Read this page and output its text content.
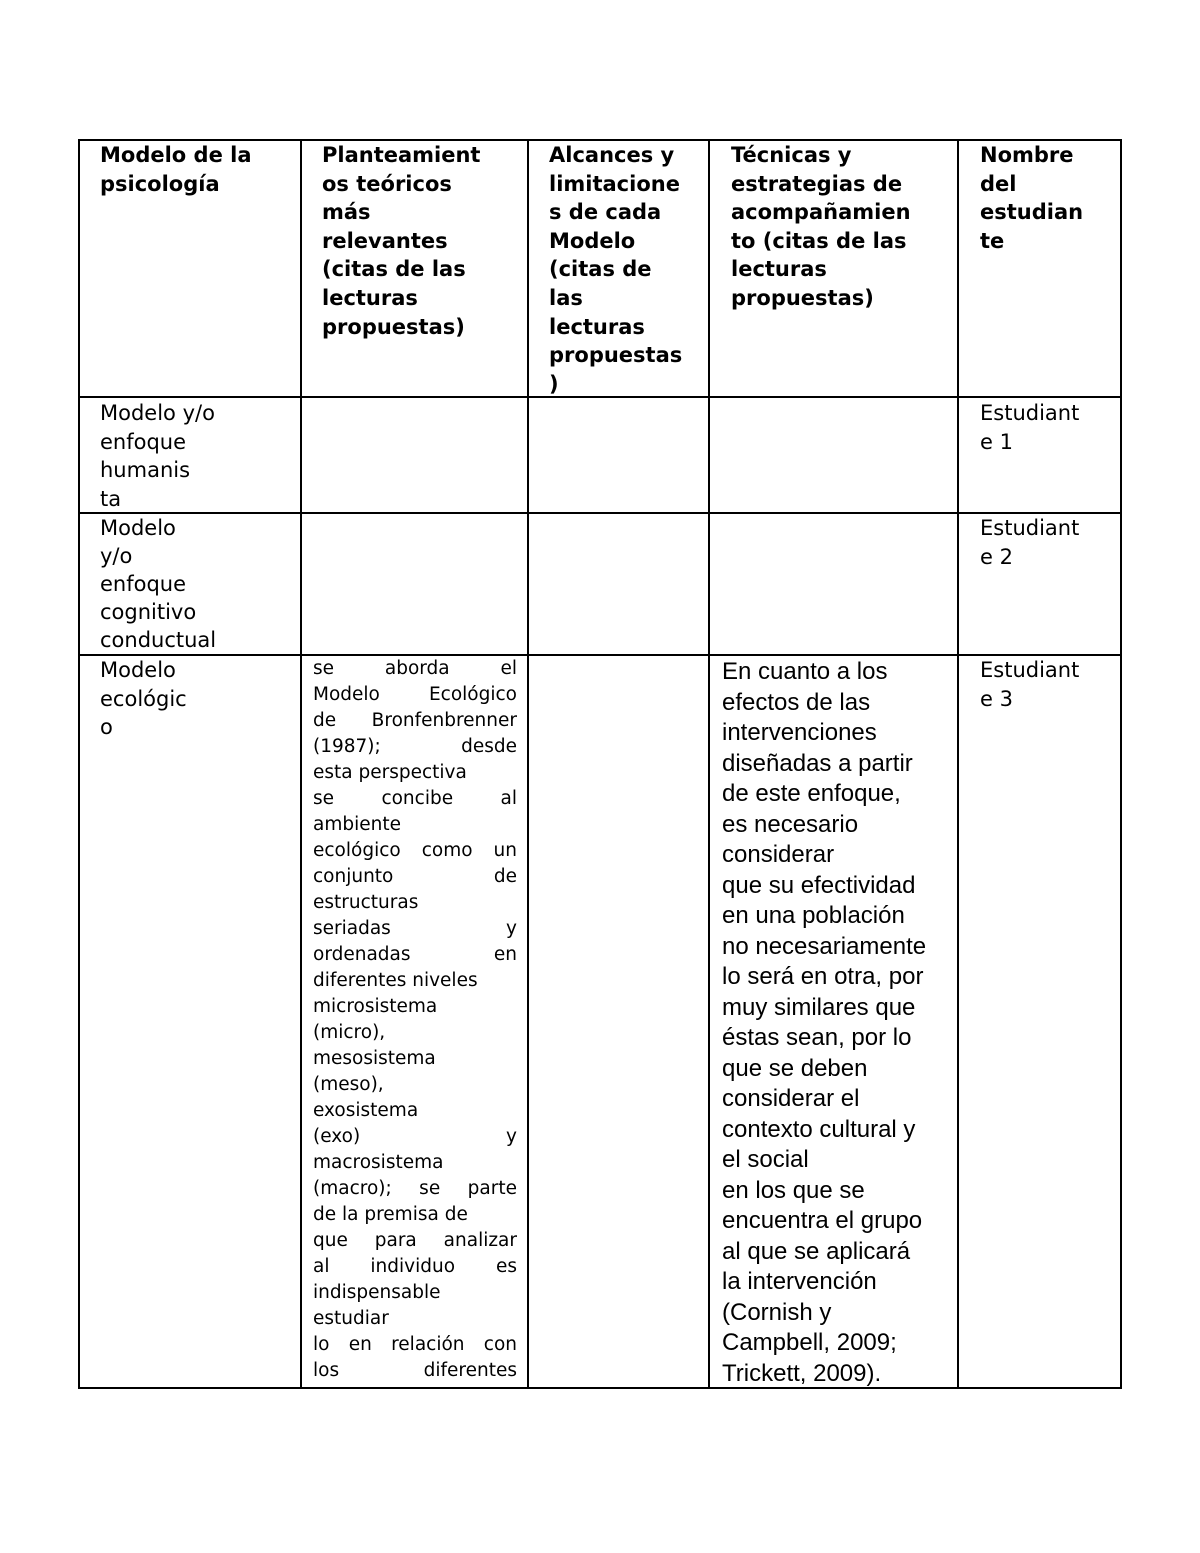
Modelo de la
psicología
Planteamient
os teóricos
más
relevantes
(citas de las
lecturas
propuestas)
Alcances y
limitacione
s de cada
Modelo
(citas de
las
lecturas
propuestas
)
Técnicas y
estrategias de
acompañamien
to (citas de las
lecturas
propuestas)
Nombre
del
estudian
te
Modelo y/o
enfoque
humanis
ta
Estudiant
e 1
Modelo
y/o
enfoque
cognitivo
conductual
Estudiant
e 2
Modelo
ecológic
o
se aborda el
Modelo Ecológico
de Bronfenbrenner
(1987); desde
esta perspectiva
se concibe al
ambiente
ecológico como un
conjunto de
estructuras
seriadas y
ordenadas en
diferentes niveles
microsistema
(micro),
mesosistema
(meso),
exosistema
(exo) y
macrosistema
(macro); se parte
de la premisa de
que para analizar
al individuo es
indispensable
estudiar
lo en relación con
los diferentes
En cuanto a los
efectos de las
intervenciones
diseñadas a partir
de este enfoque,
es necesario
considerar
que su efectividad
en una población
no necesariamente
lo será en otra, por
muy similares que
éstas sean, por lo
que se deben
considerar el
contexto cultural y
el social
en los que se
encuentra el grupo
al que se aplicará
la intervención
(Cornish y
Campbell, 2009;
Trickett, 2009).
Estudiant
e 3
